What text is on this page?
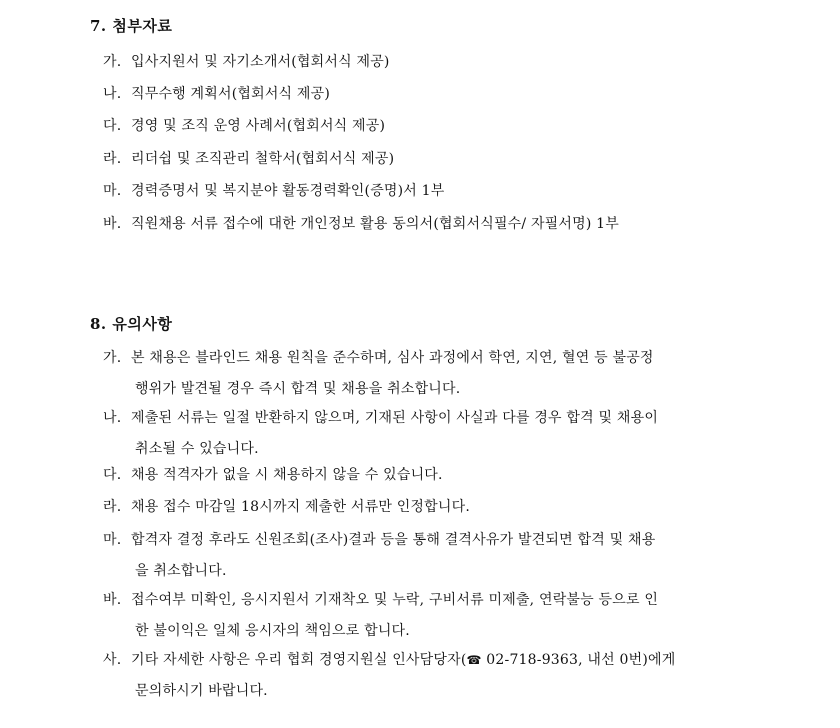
7. 첨부자료
가. 입사지원서 및 자기소개서(협회서식 제공)
나. 직무수행 계획서(협회서식 제공)
다. 경영 및 조직 운영 사례서(협회서식 제공)
라. 리더쉽 및 조직관리 철학서(협회서식 제공)
마. 경력증명서 및 복지분야 활동경력확인(증명)서 1부
바. 직원채용 서류 접수에 대한 개인정보 활용 동의서(협회서식필수/ 자필서명) 1부
8. 유의사항
가. 본 채용은 블라인드 채용 원칙을 준수하며, 심사 과정에서 학연, 지연, 혈연 등 불공정
행위가 발견될 경우 즉시 합격 및 채용을 취소합니다.
나. 제출된 서류는 일절 반환하지 않으며, 기재된 사항이 사실과 다를 경우 합격 및 채용이
취소될 수 있습니다.
다. 채용 적격자가 없을 시 채용하지 않을 수 있습니다.
라. 채용 접수 마감일 18시까지 제출한 서류만 인정합니다.
마. 합격자 결정 후라도 신원조회(조사)결과 등을 통해 결격사유가 발견되면 합격 및 채용
을 취소합니다.
바. 접수여부 미확인, 응시지원서 기재착오 및 누락, 구비서류 미제출, 연락불능 등으로 인
한 불이익은 일체 응시자의 책임으로 합니다.
사. 기타 자세한 사항은 우리 협회 경영지원실 인사담당자(☎ 02-718-9363, 내선 0번)에게
문의하시기 바랍니다.
